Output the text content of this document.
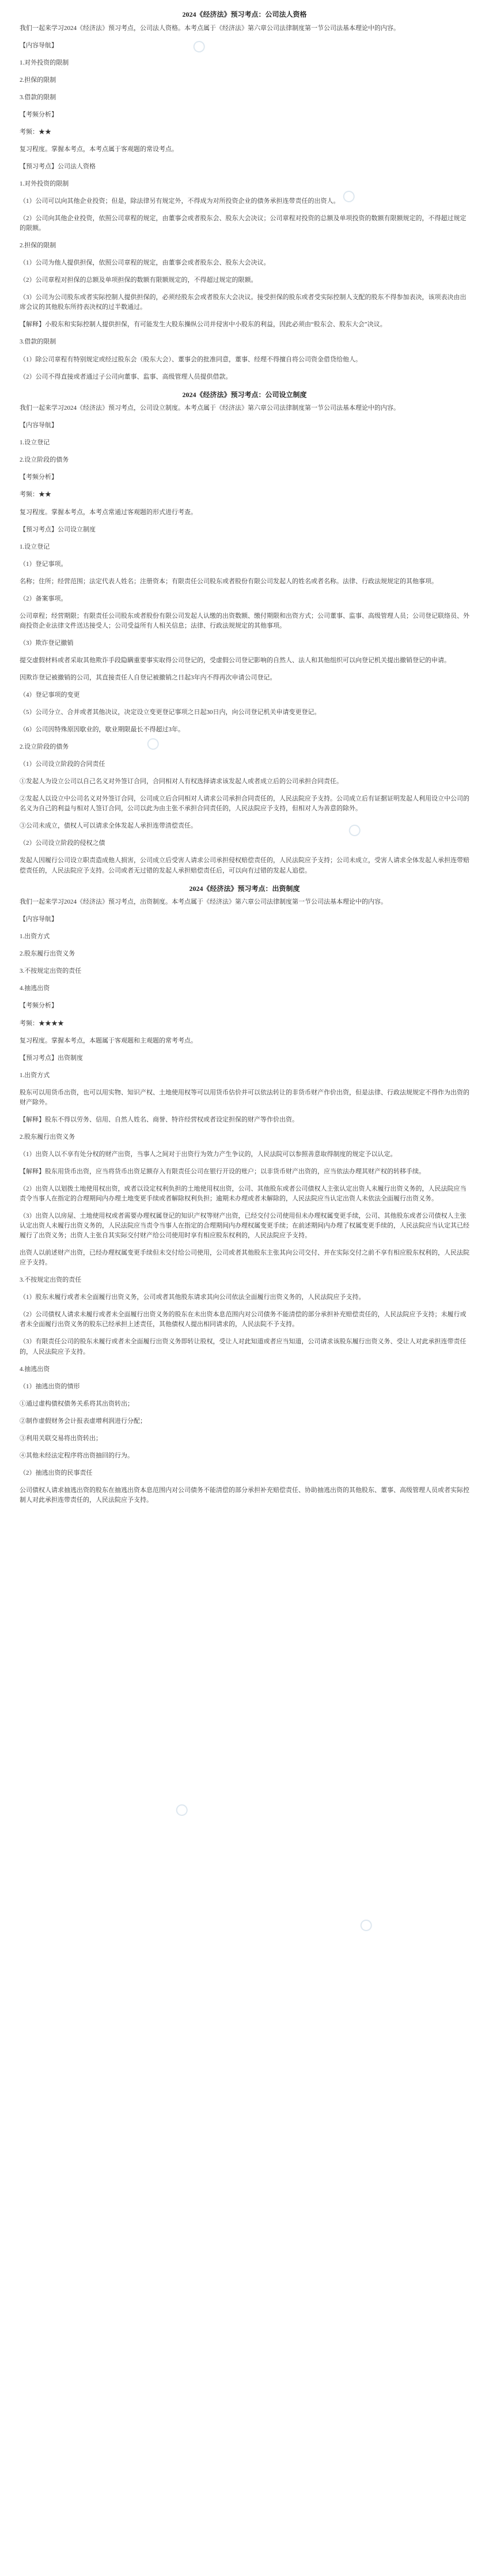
2024《经济法》预习考点：公司法人资格

我们一起来学习2024《经济法》预习考点，公司法人资格。本考点属于《经济法》第六章公司法律制度第一节公司法基本理论中的内容。

【内容导航】

1.对外投资的限制

2.担保的限制

3.借款的限制

【考频分析】

考频：★★

复习程度。掌握本考点，本考点属于客观题的常设考点。

【预习考点】公司法人资格

1.对外投资的限制

（1）公司可以向其他企业投资；但是，除法律另有规定外，不得成为对所投资企业的债务承担连带责任的出资人。

（2）公司向其他企业投资，依照公司章程的规定，由董事会或者股东会、股东大会决议；公司章程对投资的总额及单项投资的数额有限额规定的，不得超过规定的限额。

2.担保的限制

（1）公司为他人提供担保，依照公司章程的规定，由董事会或者股东会、股东大会决议。

（2）公司章程对担保的总额及单项担保的数额有限额规定的，不得超过规定的限额。

（3）公司为公司股东或者实际控制人提供担保的，必须经股东会或者股东大会决议。接受担保的股东或者受实际控制人支配的股东不得参加表决，该项表决由出席会议的其他股东所持表决权的过半数通过。

【解释】小股东和实际控制人提供担保，有可能发生大股东操纵公司并侵害中小股东的利益，因此必须由“股东会、股东大会”决议。

3.借款的限制

（1）除公司章程有特别规定或经过股东会（股东大会）、董事会的批准同意，董事、经理不得擅自将公司资金借贷给他人。

（2）公司不得直接或者通过子公司向董事、监事、高级管理人员提供借款。

2024《经济法》预习考点：公司设立制度

我们一起来学习2024《经济法》预习考点，公司设立制度。本考点属于《经济法》第六章公司法律制度第一节公司法基本理论中的内容。

【内容导航】

1.设立登记

2.设立阶段的债务

【考频分析】

考频：★★

复习程度。掌握本考点，本考点常通过客观题的形式进行考查。

【预习考点】公司设立制度

1.设立登记

（1）登记事项。

名称；住所；经营范围；法定代表人姓名；注册资本；有限责任公司股东或者股份有限公司发起人的姓名或者名称。法律、行政法规规定的其他事项。

（2）备案事项。

公司章程；经营期限；有限责任公司股东或者股份有限公司发起人认缴的出资数额、缴付期限和出资方式；公司董事、监事、高级管理人员；公司登记联络员、外商投资企业法律文件送达接受人；公司受益所有人相关信息；法律、行政法规规定的其他事项。

（3）欺诈登记撤销

提交虚假材料或者采取其他欺诈手段隐瞒重要事实取得公司登记的，受虚假公司登记影响的自然人、法人和其他组织可以向登记机关提出撤销登记的申请。

因欺诈登记被撤销的公司，其直接责任人自登记被撤销之日起3年内不得再次申请公司登记。

（4）登记事项的变更

（5）公司分立、合并或者其他决议，决定设立变更登记事项之日起30日内，向公司登记机关申请变更登记。

（6）公司因特殊原因歇业的，歇业期限最长不得超过3年。

2.设立阶段的债务

（1）公司设立阶段的合同责任

①发起人为设立公司以自己名义对外签订合同，合同相对人有权选择请求该发起人或者成立后的公司承担合同责任。

②发起人以设立中公司名义对外签订合同，公司成立后合同相对人请求公司承担合同责任的，人民法院应予支持。公司成立后有证据证明发起人利用设立中公司的名义为自己的利益与相对人签订合同，公司以此为由主张不承担合同责任的，人民法院应予支持，但相对人为善意的除外。

③公司未成立，债权人可以请求全体发起人承担连带清偿责任。

（2）公司设立阶段的侵权之债

发起人因履行公司设立职责造成他人损害，公司成立后受害人请求公司承担侵权赔偿责任的，人民法院应予支持；公司未成立，受害人请求全体发起人承担连带赔偿责任的，人民法院应予支持。公司或者无过错的发起人承担赔偿责任后，可以向有过错的发起人追偿。

2024《经济法》预习考点：出资制度

我们一起来学习2024《经济法》预习考点，出资制度。本考点属于《经济法》第六章公司法律制度第一节公司法基本理论中的内容。

【内容导航】

1.出资方式

2.股东履行出资义务

3.不按规定出资的责任

4.抽逃出资

【考频分析】

考频：★★★★

复习程度。掌握本考点，本题属于客观题和主观题的常考考点。

【预习考点】出资制度

1.出资方式

股东可以用货币出资，也可以用实物、知识产权、土地使用权等可以用货币估价并可以依法转让的非货币财产作价出资，但是法律、行政法规规定不得作为出资的财产除外。

【解释】股东不得以劳务、信用、自然人姓名、商誉、特许经营权或者设定担保的财产等作价出资。

2.股东履行出资义务

（1）出资人以不享有处分权的财产出资，当事人之间对于出资行为效力产生争议的，人民法院可以参照善意取得制度的规定予以认定。

【解释】股东用货币出资，应当将货币出资足额存入有限责任公司在银行开设的账户；以非货币财产出资的，应当依法办理其财产权的转移手续。

（2）出资人以划拨土地使用权出资，或者以设定权利负担的土地使用权出资，公司、其他股东或者公司债权人主张认定出资人未履行出资义务的，人民法院应当责令当事人在指定的合理期间内办理土地变更手续或者解除权利负担；逾期未办理或者未解除的，人民法院应当认定出资人未依法全面履行出资义务。

（3）出资人以房屋、土地使用权或者需要办理权属登记的知识产权等财产出资，已经交付公司使用但未办理权属变更手续，公司、其他股东或者公司债权人主张认定出资人未履行出资义务的，人民法院应当责令当事人在指定的合理期间内办理权属变更手续；在前述期间内办理了权属变更手续的，人民法院应当认定其已经履行了出资义务；出资人主张自其实际交付财产给公司使用时享有相应股东权利的，人民法院应予支持。

出资人以前述财产出资，已经办理权属变更手续但未交付给公司使用，公司或者其他股东主张其向公司交付、并在实际交付之前不享有相应股东权利的，人民法院应予支持。

3.不按规定出资的责任

（1）股东未履行或者未全面履行出资义务，公司或者其他股东请求其向公司依法全面履行出资义务的，人民法院应予支持。

（2）公司债权人请求未履行或者未全面履行出资义务的股东在未出资本息范围内对公司债务不能清偿的部分承担补充赔偿责任的，人民法院应予支持；未履行或者未全面履行出资义务的股东已经承担上述责任，其他债权人提出相同请求的，人民法院不予支持。

（3）有限责任公司的股东未履行或者未全面履行出资义务即转让股权，受让人对此知道或者应当知道，公司请求该股东履行出资义务、受让人对此承担连带责任的，人民法院应予支持。

4.抽逃出资

（1）抽逃出资的情形

①通过虚构债权债务关系将其出资转出；

②制作虚假财务会计报表虚增利润进行分配；

③利用关联交易将出资转出；

④其他未经法定程序将出资抽回的行为。

（2）抽逃出资的民事责任

公司债权人请求抽逃出资的股东在抽逃出资本息范围内对公司债务不能清偿的部分承担补充赔偿责任、协助抽逃出资的其他股东、董事、高级管理人员或者实际控制人对此承担连带责任的，人民法院应予支持。
